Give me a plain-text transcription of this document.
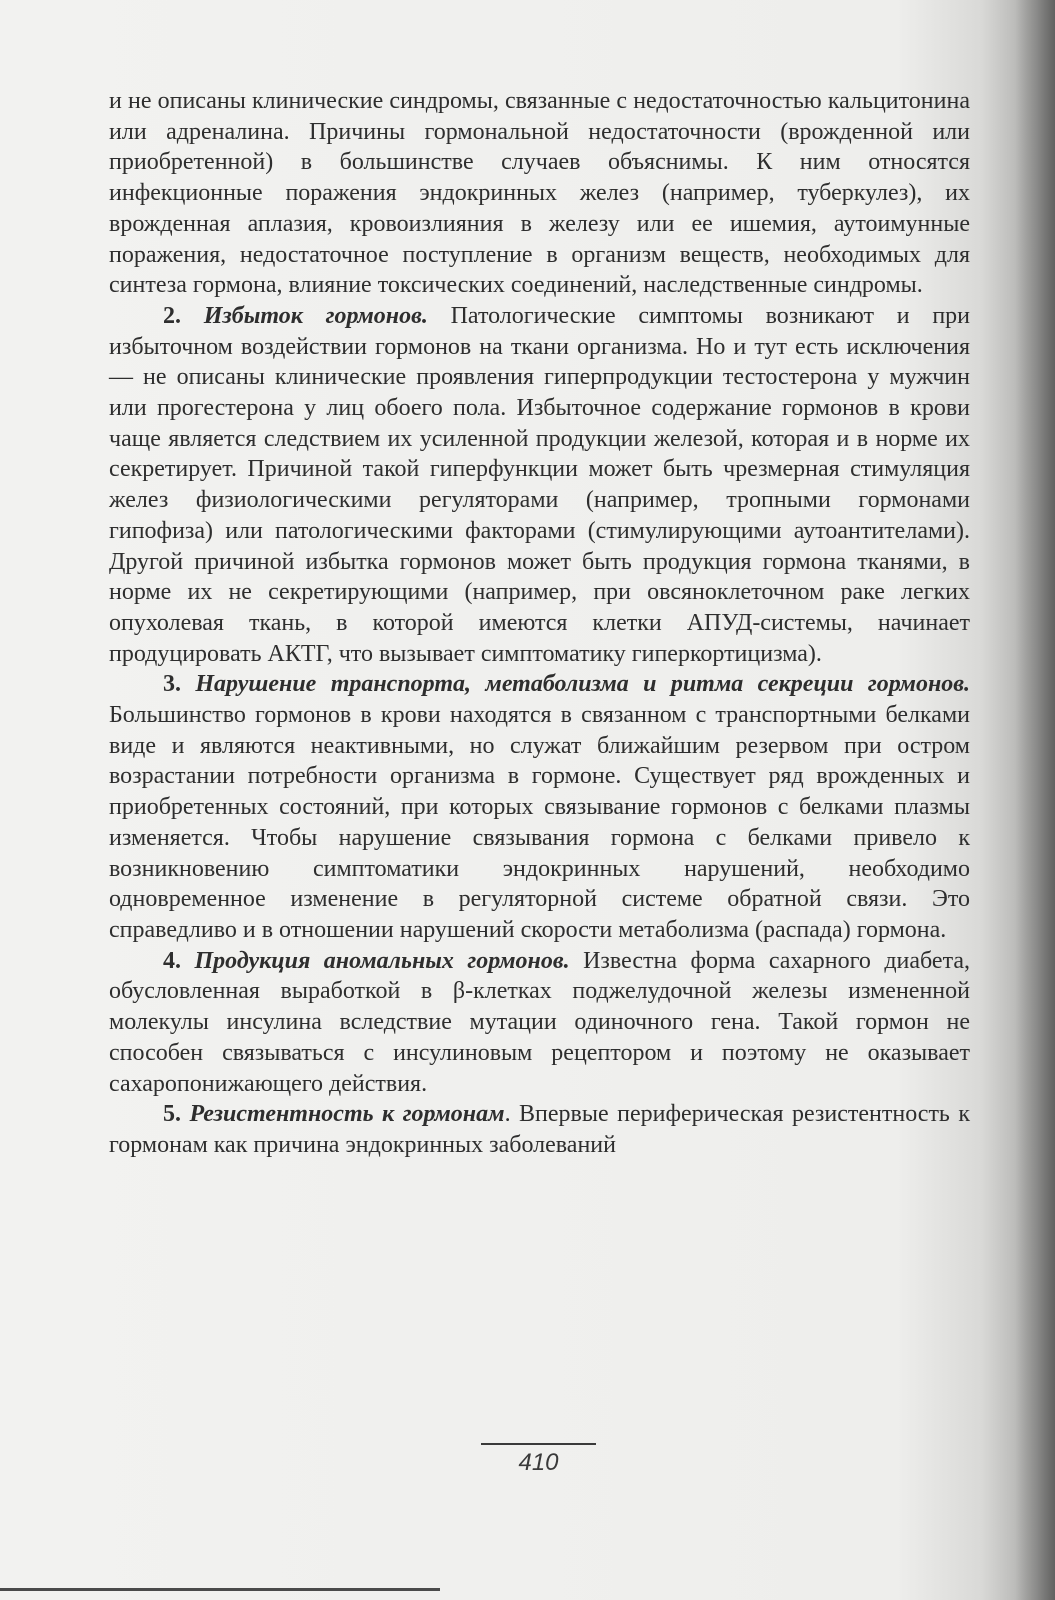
и не описаны клинические синдромы, связанные с недостаточностью кальцитонина или адреналина. Причины гормональной недостаточности (врожденной или приобретенной) в большинстве случаев объяснимы. К ним относятся инфекционные поражения эндокринных желез (например, туберкулез), их врожденная аплазия, кровоизлияния в железу или ее ишемия, аутоимунные поражения, недостаточное поступление в организм веществ, необходимых для синтеза гормона, влияние токсических соединений, наследственные синдромы.

2. Избыток гормонов. Патологические симптомы возникают и при избыточном воздействии гормонов на ткани организма. Но и тут есть исключения — не описаны клинические проявления гиперпродукции тестостерона у мужчин или прогестерона у лиц обоего пола. Избыточное содержание гормонов в крови чаще является следствием их усиленной продукции железой, которая и в норме их секретирует. Причиной такой гиперфункции может быть чрезмерная стимуляция желез физиологическими регуляторами (например, тропными гормонами гипофиза) или патологическими факторами (стимулирующими аутоантителами). Другой причиной избытка гормонов может быть продукция гормона тканями, в норме их не секретирующими (например, при овсяноклеточном раке легких опухолевая ткань, в которой имеются клетки АПУД-системы, начинает продуцировать АКТГ, что вызывает симптоматику гиперкортицизма).

3. Нарушение транспорта, метаболизма и ритма секреции гормонов. Большинство гормонов в крови находятся в связанном с транспортными белками виде и являются неактивными, но служат ближайшим резервом при остром возрастании потребности организма в гормоне. Существует ряд врожденных и приобретенных состояний, при которых связывание гормонов с белками плазмы изменяется. Чтобы нарушение связывания гормона с белками привело к возникновению симптоматики эндокринных нарушений, необходимо одновременное изменение в регуляторной системе обратной связи. Это справедливо и в отношении нарушений скорости метаболизма (распада) гормона.

4. Продукция аномальных гормонов. Известна форма сахарного диабета, обусловленная выработкой в β-клетках поджелудочной железы измененной молекулы инсулина вследствие мутации одиночного гена. Такой гормон не способен связываться с инсулиновым рецептором и поэтому не оказывает сахаропонижающего действия.

5. Резистентность к гормонам. Впервые периферическая резистентность к гормонам как причина эндокринных заболеваний

410
